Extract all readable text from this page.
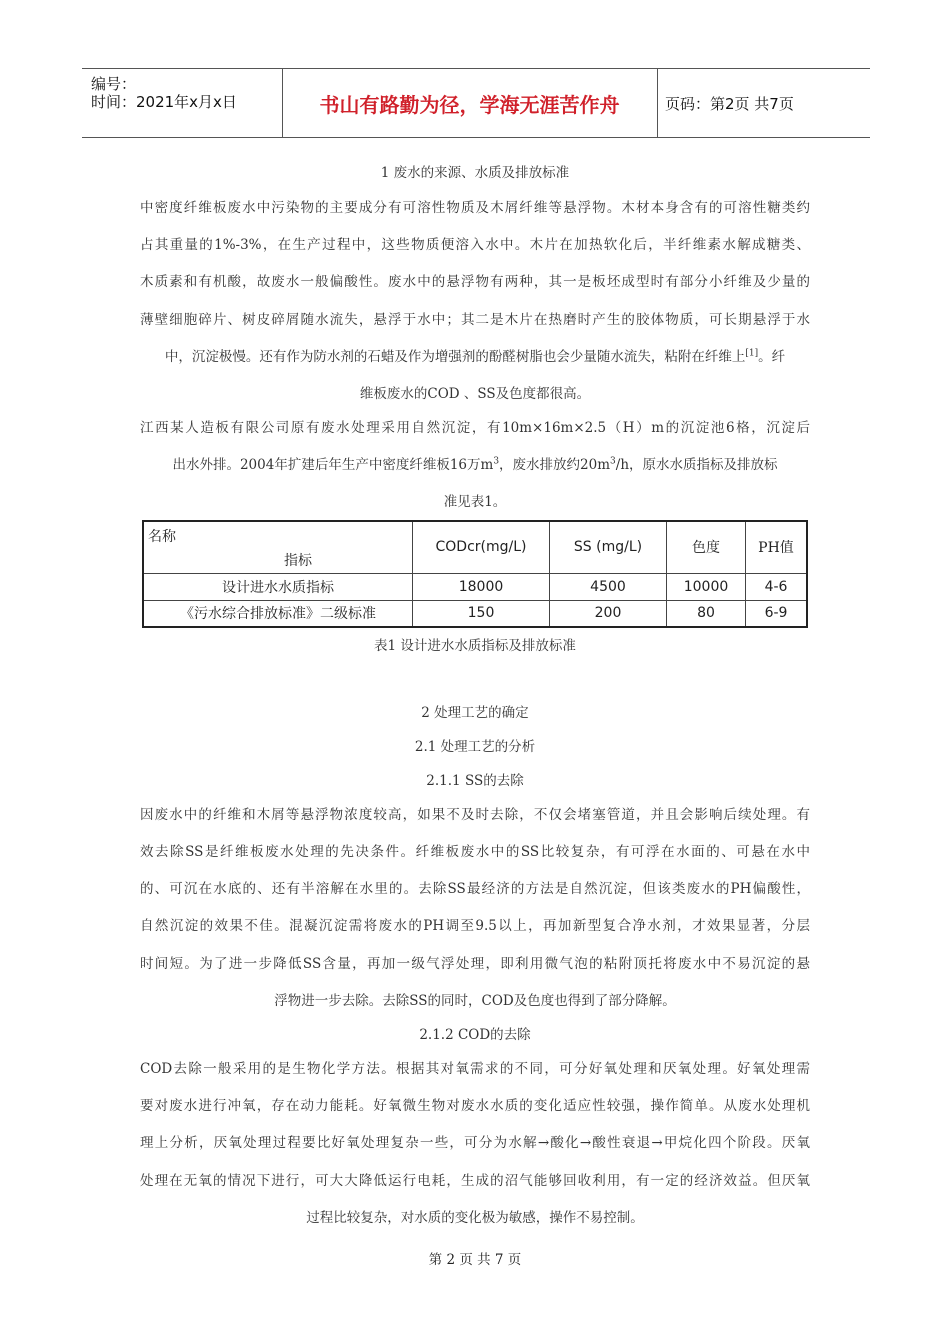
编号：
时间：2021年x月x日	书山有路勤为径，学海无涯苦作舟	页码：第2页 共7页
1 废水的来源、水质及排放标准
中密度纤维板废水中污染物的主要成分有可溶性物质及木屑纤维等悬浮物。木材本身含有的可溶性糖类约
占其重量的1%-3%，在生产过程中，这些物质便溶入水中。木片在加热软化后，半纤维素水解成糖类、
木质素和有机酸，故废水一般偏酸性。废水中的悬浮物有两种，其一是板坯成型时有部分小纤维及少量的
薄壁细胞碎片、树皮碎屑随水流失，悬浮于水中；其二是木片在热磨时产生的胶体物质，可长期悬浮于水
中，沉淀极慢。还有作为防水剂的石蜡及作为增强剂的酚醛树脂也会少量随水流失，粘附在纤维上[1]。纤
维板废水的COD 、SS及色度都很高。
江西某人造板有限公司原有废水处理采用自然沉淀，有10m×16m×2.5（H）m的沉淀池6格，沉淀后
出水外排。2004年扩建后年生产中密度纤维板16万$m^3$，废水排放约$20m^3/h$，原水水质指标及排放标
准见表1。
名称
指标	CODcr(mg/L)	SS (mg/L)	色度	PH值
设计进水水质指标	18000	4500	10000	4-6
《污水综合排放标准》二级标准	150	200	80	6-9
表1 设计进水水质指标及排放标准
2 处理工艺的确定
2.1 处理工艺的分析
2.1.1 SS的去除
因废水中的纤维和木屑等悬浮物浓度较高，如果不及时去除，不仅会堵塞管道，并且会影响后续处理。有
效去除SS是纤维板废水处理的先决条件。纤维板废水中的SS比较复杂，有可浮在水面的、可悬在水中
的、可沉在水底的、还有半溶解在水里的。去除SS最经济的方法是自然沉淀，但该类废水的PH偏酸性，
自然沉淀的效果不佳。混凝沉淀需将废水的PH调至9.5以上，再加新型复合净水剂，才效果显著，分层
时间短。为了进一步降低SS含量，再加一级气浮处理，即利用微气泡的粘附顶托将废水中不易沉淀的悬
浮物进一步去除。去除SS的同时，COD及色度也得到了部分降解。
2.1.2 COD的去除
COD去除一般采用的是生物化学方法。根据其对氧需求的不同，可分好氧处理和厌氧处理。好氧处理需
要对废水进行冲氧，存在动力能耗。好氧微生物对废水水质的变化适应性较强，操作简单。从废水处理机
理上分析，厌氧处理过程要比好氧处理复杂一些，可分为水解→酸化→酸性衰退→甲烷化四个阶段。厌氧
处理在无氧的情况下进行，可大大降低运行电耗，生成的沼气能够回收利用，有一定的经济效益。但厌氧
过程比较复杂，对水质的变化极为敏感，操作不易控制。
第 2 页 共 7 页
